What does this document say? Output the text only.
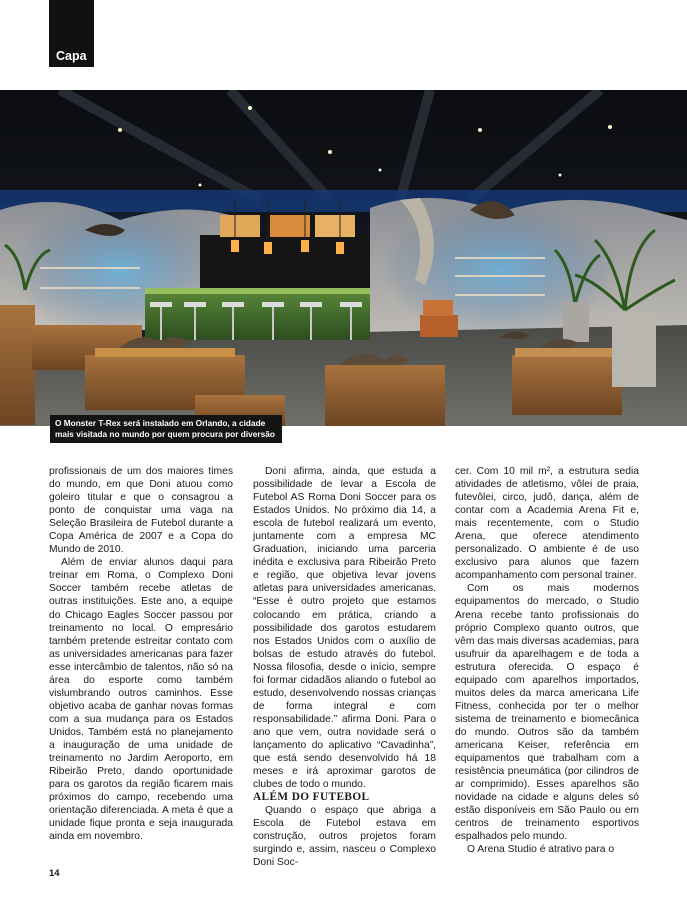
Capa
O Monster T-Rex será instalado em Orlando, a cidade
mais visitada no mundo por quem procura por diversão

profissionais de um dos maiores times do mundo, em que Doni atuou como goleiro titular e que o consagrou a ponto de conquistar uma vaga na Seleção Brasileira de Futebol durante a Copa América de 2007 e a Copa do Mundo de 2010.

Além de enviar alunos daqui para treinar em Roma, o Complexo Doni Soccer também recebe atletas de outras instituições. Este ano, a equipe do Chicago Eagles Soccer passou por treinamento no local. O empresário também pretende estreitar contato com as universidades americanas para fazer esse intercâmbio de talentos, não só na área do esporte como também vislumbrando outros caminhos. Esse objetivo acaba de ganhar novas formas com a sua mudança para os Estados Unidos. Também está no planejamento a inauguração de uma unidade de treinamento no Jardim Aeroporto, em Ribeirão Preto, dando oportunidade para os garotos da região ficarem mais próximos do campo, recebendo uma orientação diferenciada. A meta é que a unidade fique pronta e seja inaugurada ainda em novembro.

Doni afirma, ainda, que estuda a possibilidade de levar a Escola de Futebol AS Roma Doni Soccer para os Estados Unidos. No próximo dia 14, a escola de futebol realizará um evento, juntamente com a empresa MC Graduation, iniciando uma parceria inédita e exclusiva para Ribeirão Preto e região, que objetiva levar jovens atletas para universidades americanas. “Esse é outro projeto que estamos colocando em prática, criando a possibilidade dos garotos estudarem nos Estados Unidos com o auxílio de bolsas de estudo através do futebol. Nossa filosofia, desde o início, sempre foi formar cidadãos aliando o futebol ao estudo, desenvolvendo nossas crianças de forma integral e com responsabilidade.” afirma Doni. Para o ano que vem, outra novidade será o lançamento do aplicativo “Cavadinha”, que está sendo desenvolvido há 18 meses e irá aproximar garotos de clubes de todo o mundo.

ALÉM DO FUTEBOL

Quando o espaço que abriga a Escola de Futebol estava em construção, outros projetos foram surgindo e, assim, nasceu o Complexo Doni Soc-

cer. Com 10 mil m², a estrutura sedia atividades de atletismo, vôlei de praia, futevôlei, circo, judô, dança, além de contar com a Academia Arena Fit e, mais recentemente, com o Studio Arena, que oferece atendimento personalizado. O ambiente é de uso exclusivo para alunos que fazem acompanhamento com personal trainer.

Com os mais modernos equipamentos do mercado, o Studio Arena recebe tanto profissionais do próprio Complexo quanto outros, que vêm das mais diversas academias, para usufruir da aparelhagem e de toda a estrutura oferecida. O espaço é equipado com aparelhos importados, muitos deles da marca americana Life Fitness, conhecida por ter o melhor sistema de treinamento e biomecânica do mundo. Outros são da também americana Keiser, referência em equipamentos que trabalham com a resistência pneumática (por cilindros de ar comprimido). Esses aparelhos são novidade na cidade e alguns deles só estão disponíveis em São Paulo ou em centros de treinamento esportivos espalhados pelo mundo.

O Arena Studio é atrativo para o

14
